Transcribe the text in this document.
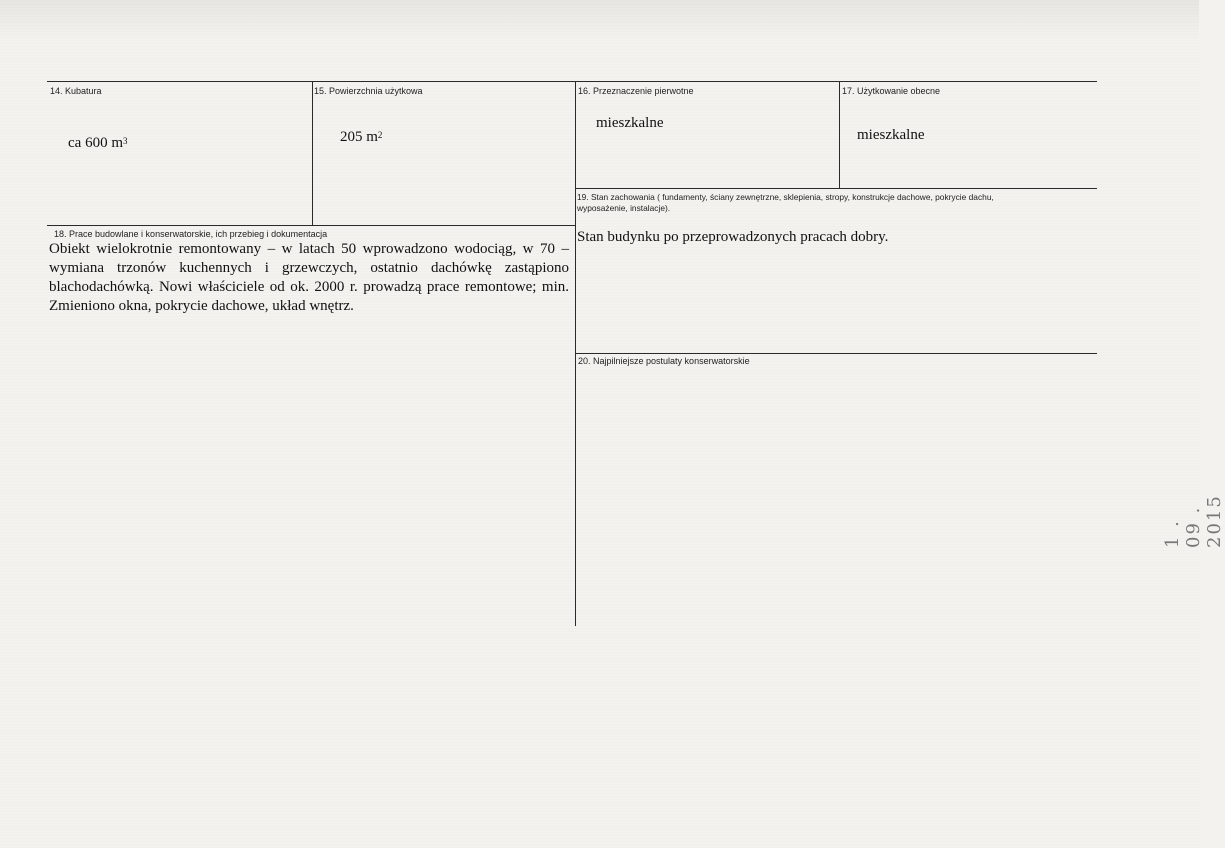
14. Kubatura
ca 600 $m^3$
15. Powierzchnia użytkowa
205 $m^2$
16. Przeznaczenie pierwotne
mieszkalne
17. Użytkowanie obecne
mieszkalne
19. Stan zachowania ( fundamenty, ściany zewnętrzne, sklepienia, stropy, konstrukcje dachowe, pokrycie dachu,
wyposażenie, instalacje).
Stan budynku po przeprowadzonych pracach dobry.
18. Prace budowlane i konserwatorskie, ich przebieg i dokumentacja
Obiekt wielokrotnie remontowany – w latach 50 wprowadzono wodociąg, w 70 – wymiana trzonów kuchennych i grzewczych, ostatnio dachówkę zastąpiono blachodachówką. Nowi właściciele od ok. 2000 r. prowadzą prace remontowe; min. Zmieniono okna, pokrycie dachowe, układ wnętrz.
20. Najpilniejsze postulaty konserwatorskie
1 . 09 . 2015
